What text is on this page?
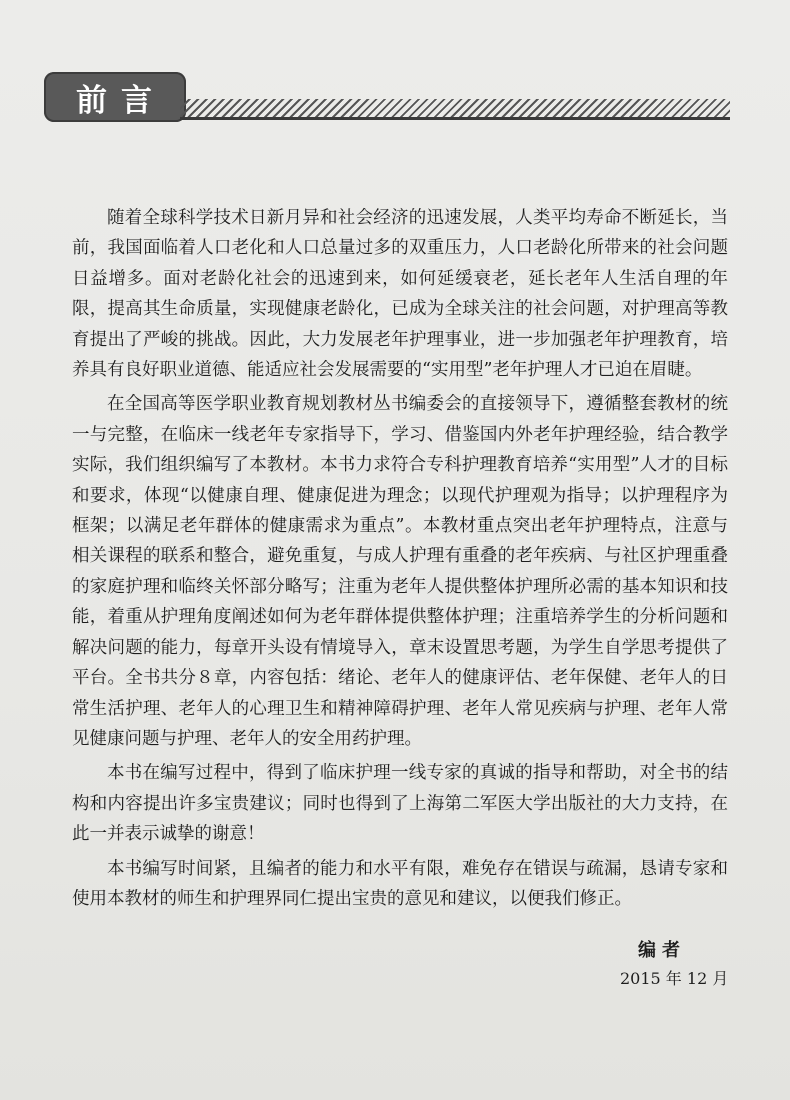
前言

随着全球科学技术日新月异和社会经济的迅速发展，人类平均寿命不断延长，当前，我国面临着人口老化和人口总量过多的双重压力，人口老龄化所带来的社会问题日益增多。面对老龄化社会的迅速到来，如何延缓衰老，延长老年人生活自理的年限，提高其生命质量，实现健康老龄化，已成为全球关注的社会问题，对护理高等教育提出了严峻的挑战。因此，大力发展老年护理事业，进一步加强老年护理教育，培养具有良好职业道德、能适应社会发展需要的“实用型”老年护理人才已迫在眉睫。

在全国高等医学职业教育规划教材丛书编委会的直接领导下，遵循整套教材的统一与完整，在临床一线老年专家指导下，学习、借鉴国内外老年护理经验，结合教学实际，我们组织编写了本教材。本书力求符合专科护理教育培养“实用型”人才的目标和要求，体现“以健康自理、健康促进为理念；以现代护理观为指导；以护理程序为框架；以满足老年群体的健康需求为重点”。本教材重点突出老年护理特点，注意与相关课程的联系和整合，避免重复，与成人护理有重叠的老年疾病、与社区护理重叠的家庭护理和临终关怀部分略写；注重为老年人提供整体护理所必需的基本知识和技能，着重从护理角度阐述如何为老年群体提供整体护理；注重培养学生的分析问题和解决问题的能力，每章开头设有情境导入，章末设置思考题，为学生自学思考提供了平台。全书共分８章，内容包括：绪论、老年人的健康评估、老年保健、老年人的日常生活护理、老年人的心理卫生和精神障碍护理、老年人常见疾病与护理、老年人常见健康问题与护理、老年人的安全用药护理。

本书在编写过程中，得到了临床护理一线专家的真诚的指导和帮助，对全书的结构和内容提出许多宝贵建议；同时也得到了上海第二军医大学出版社的大力支持，在此一并表示诚挚的谢意！

本书编写时间紧，且编者的能力和水平有限，难免存在错误与疏漏，恳请专家和使用本教材的师生和护理界同仁提出宝贵的意见和建议，以便我们修正。

编者
2015 年 12 月
